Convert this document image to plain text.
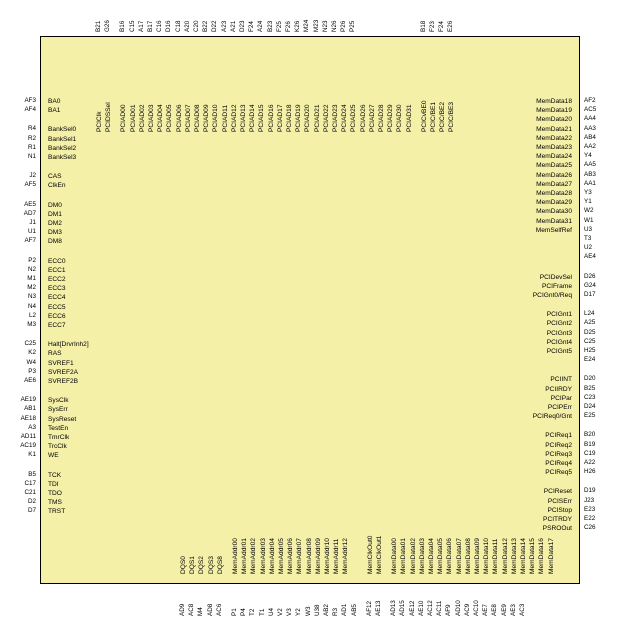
BA0
AF3
BA1
AF4
BankSel0
R4
BankSel1
R2
BankSel2
R1
BankSel3
N1
CAS
J2
ClkEn
AF5
DM0
AE5
DM1
AD7
DM2
J1
DM3
U1
DM8
AF7
ECC0
P2
ECC1
N2
ECC2
M1
ECC3
M2
ECC4
N3
ECC5
N4
ECC6
L2
ECC7
M3
Halt[DrvrInh2]
C25
RAS
K2
SVREF1
W4
SVREF2A
P3
SVREF2B
AE6
SysClk
AE19
SysErr
AB1
SysReset
AE18
TestEn
A3
TmrClk
AD11
TrcClk
AC19
WE
K1
TCK
B5
TDI
C17
TDO
C21
TMS
D2
TRST
D7
MemData18 AF2
MemData19 AC5
MemData20 AA4
MemData21 AA3
MemData22 AB4
MemData23 AA2
MemData24 Y4
MemData25 AA5
MemData26 AB3
MemData27 AA1
MemData28 Y3
MemData29 Y1
MemData30 W2
MemData31 W1
MemSelfRef U3
T3
U2
AE4
PCIDevSel D26
PCIFrame G24
PCIGnt0/Req D17
PCIGnt1 L24
PCIGnt2 A25
PCIGnt3 D25
PCIGnt4 C25
PCIGnt5 H25
E24
PCIINT D20
PCIIRDY B25
PCIPar C23
PCIPErr D24
PCIReq0/Gnt E25
PCIReq1 B20
PCIReq2 B19
PCIReq3 C19
PCIReq4 A22
PCIReq5 H26
PCIReset D19
PCISErr J23
PCIStop E23
PCITRDY E22
PSROOut C26
PCIClk
B21
PCIDSSel
G26
PCIAD00
B16
PCIAD01
C15
PCIAD02
A17
PCIAD03
B17
PCIAD04
C16
PCIAD05
D16
PCIAD06
C18
PCIAD07
A20
PCIAD08
C20
PCIAD09
B22
PCIAD10
D22
PCIAD11
A23
PCIAD12
A21
PCIAD13
D23
PCIAD14
F24
PCIAD15
A24
PCIAD16
B23
PCIAD17
F25
PCIAD18
F26
PCIAD19
K26
PCIAD20
M24
PCIAD21
M23
PCIAD22
N23
PCIAD23
N26
PCIAD24
P26
PCIAD25
P25
PCIAD26 PCIAD27 PCIAD28 PCIAD29 PCIAD30 PCIAD31 PCICvBE0
B18
PCIC/BE1
F23
PCIC/BE2
F24
PCIC/BE3
E26
DQS0
AD9
DQS1
AC8
DQS2
M4
DQS3
AD8
DQS8
AC6
MemAddr00
P1
MemAddr01
P4
MemAddr02
T2
MemAddr03
T1
MemAddr04
U4
MemAddr05
V2
MemAddr06
V3
MemAddr07
Y2
MemAddr08
W3
MemAddr09
U38
MemAddr10
AB2
MemAddr11
R3
MemAddr12
AD1 AB5
MemClkOut0
AF12
MemClkOut1
AE13
MemData00
AD13
MemData01
AD15
MemData02
AE12
MemData03
AE10
MemData04
AC12
MemData05
AC11
MemData06
AF9
MemData07
AD10
MemData08
AC9
MemData09
AC10
MemData10
AE7
MemData11
AE8
MemData12
AE9
MemData13
AE3
MemData14
AC3
MemData15 MemData16 MemData17
